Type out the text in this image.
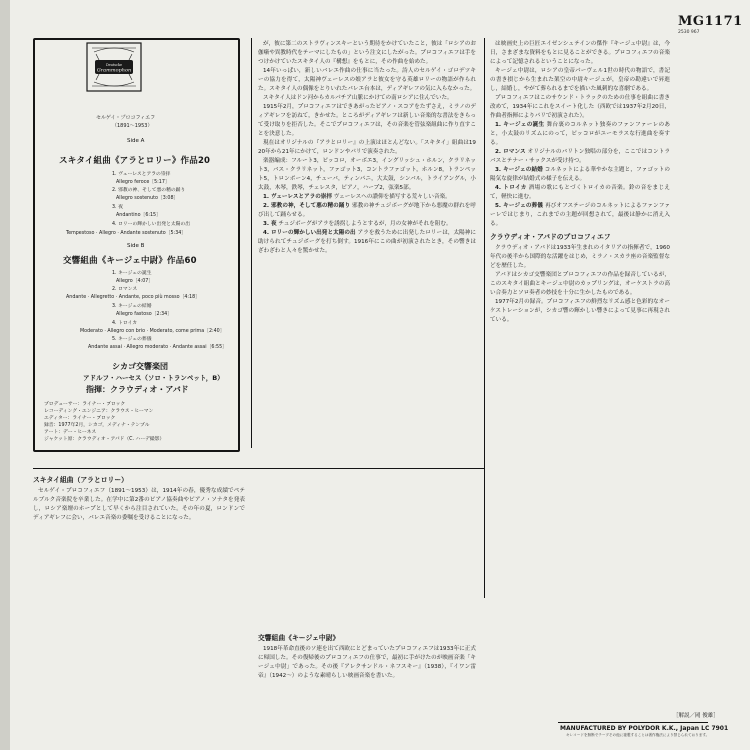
Deutsche
Grammophon
セルゲイ・プロコフィエフ
（1891～1953）
Side A
スキタイ組曲《アラとロリー》作品20
1. ヴェーレスとアラの崇拝
Allegro feroce［5:17］
2. 邪教の神、そして悪の精の踊り
Allegro sostenuto［3:08］
3. 夜
Andantino［6:15］
4. ロリーの輝かしい出発と太陽の出
Tempestoso · Allegro · Andante sostenuto［5:34］
Side B
交響組曲《キージェ中尉》作品60
1. キージェの誕生
Allegro［4:07］
2. ロマンス
Andante · Allegretto · Andante, poco più mosso［4:18］
3. キージェの結婚
Allegro fastoso［2:34］
4. トロイカ
Moderato · Allegro con brio · Moderato, come prima［2:40］
5. キージェの葬儀
Andante assai · Allegro moderato · Andante assai［6:55］
シカゴ交響楽団
アドルフ・ハーセス（ソロ・トランペット，B）
指揮：クラウディオ・アバド
プロデューサー：ライナー・ブロック
レコーディング・エンジニア：クラウス・ヒーマン
エディター：ライナー・ブロック
録音：1977年2月，シカゴ，メディナ・テンプル
アート：デー・ヒーネス
ジャケット原：クラウディオ・アバド（C. ハーデ撮影）

が，彼に第二のストラヴィンスキーという期待をかけていたこと，彼は「ロシアのお伽噺や異教時代をテーマにしたもの」という注文にしたがった。プロコフィエフは手をつけかけていたスキタイ人の『構想』をもとに，その作曲を始めた。

14年いっぱい，新しいバレエ作曲の仕事に当たった。詩人のセルゲイ・ゴロデツキーの協力を得て，太陽神ヴェーレスの娘アラと彼女を守る英雄ロリーの物語が作られた。スキタイ人の偶像をとりいれたバレエ台本は，ディアギレフの気に入らなかった。

スキタイ人はドン河からカルパチア山脈にかけての南ロシアに住んでいた。

1915年2月，プロコフィエフはできあがったピアノ・スコアをたずさえ，ミラノのディアギレフを訪ねて，きかせた。ところがディアギレフは新しい音楽的な書法をきらって受け取りを拒否した。そこでプロコフィエフは，その音楽を管弦楽組曲に作り直すことを決意した。

現在はオリジナルの『アラとロリー』の上演はほとんどない。「スキタイ」組曲は1920年から21年にかけて，ロンドンやパリで演奏された。

楽器編成：フルート3，ピッコロ，オーボエ3，イングリッシュ・ホルン，クラリネット3，バス・クラリネット，ファゴット3，コントラファゴット，ホルン8，トランペット5，トロンボーン4，チューバ，ティンパニ，大太鼓，シンバル，トライアングル，小太鼓，木琴，鉄琴，チェレスタ，ピアノ，ハープ2，弦楽5部。

1. ヴェーレスとアラの崇拝 ヴェーレスへの讃仰を描写する荒々しい音楽。

2. 邪教の神，そして悪の精の踊り 邪教の神チュジボーグが地下から悪魔の群れを呼び出して踊らせる。

3. 夜 チュジボーグがアラを誘拐しようとするが，月の女神がそれを阻む。

4. ロリーの輝かしい出発と太陽の出 アラを救うために出発したロリーは，太陽神に助けられてチュジボーグを打ち倒す。1916年にこの曲が初演されたとき，その響きはざわざわと人々を驚かせた。

交響組曲《キージェ中尉》

1918年革命直後のソ連を出て西欧にとどまっていたプロコフィエフは1933年に正式に帰国した。その復帰後のプロコフィエフの仕事で，最初に手がけたのが映画音楽「キージェ中尉」であった。その後『アレクサンドル・ネフスキー』（1938），『イワン雷帝』（1942～）のような素晴らしい映画音楽を書いた。

スキタイ組曲（アラとロリー）

セルゲイ・プロコフィエフ（1891～1953）は，1914年の春，優秀な成績でペテルブルク音楽院を卒業した。在学中に第2番のピアノ協奏曲やピアノ・ソナタを発表し，ロシア楽壇のホープとして早くから注目されていた。その年の夏，ロンドンでディアギレフに会い，バレエ音楽の委嘱を受けることになった。

MG1171
2530 967

は映画史上の巨匠エイゼンシュテインの傑作『キージェ中尉』は，今日，さまざまな資料をもとに見ることができる。プロコフィエフの音楽によって記憶されるということになった。

キージェ中尉は，ロシアの皇帝パーヴェル1世の時代の物語で，書記の書き損じから生まれた架空の中尉キージェが，皇帝の勘違いで昇進し，結婚し，やがて葬られるまでを描いた風刺的な喜劇である。

プロコフィエフはこのサウンド・トラックのための仕事を組曲に書き改めて，1934年にこれをスイート化した（西欧では1937年2月20日，作曲者指揮によりパリで初演された）。

1. キージェの誕生 舞台裏のコルネット独奏のファンファーレのあと，小太鼓のリズムにのって，ピッコロがユーモラスな行進曲を奏する。

2. ロマンス オリジナルのバリトン独唱の部分を，ここではコントラバスとテナー・サックスが受け持つ。

3. キージェの結婚 コルネットによる華やかな主題と，ファゴットの陽気な旋律が結婚式の様子を伝える。

4. トロイカ 酒場の歌にもとづくトロイカの音楽。鈴の音をまじえて，軽快に進む。

5. キージェの葬儀 再びオフステージのコルネットによるファンファーレではじまり，これまでの主題が回想されて，最後は静かに消え入る。

クラウディオ・アバドのプロコフィエフ

クラウディオ・アバドは1933年生まれのイタリアの指揮者で，1960年代の後半から国際的な活躍をはじめ，ミラノ・スカラ座の音楽監督などを歴任した。

アバドはシカゴ交響楽団とプロコフィエフの作品を録音しているが，このスキタイ組曲とキージェ中尉のカップリングは，オーケストラの高い合奏力とソロ奏者の妙技を十分に生かしたものである。

1977年2月の録音。プロコフィエフの鮮烈なリズム感と色彩的なオーケストレーションが，シカゴ響の輝かしい響きによって見事に再現されている。

［解説／岡 俊雄］
MANUFACTURED BY POLYDOR K.K., Japan LC 7901
キレコードを無断でテープその他に複製することは著作権法により禁じられております。
